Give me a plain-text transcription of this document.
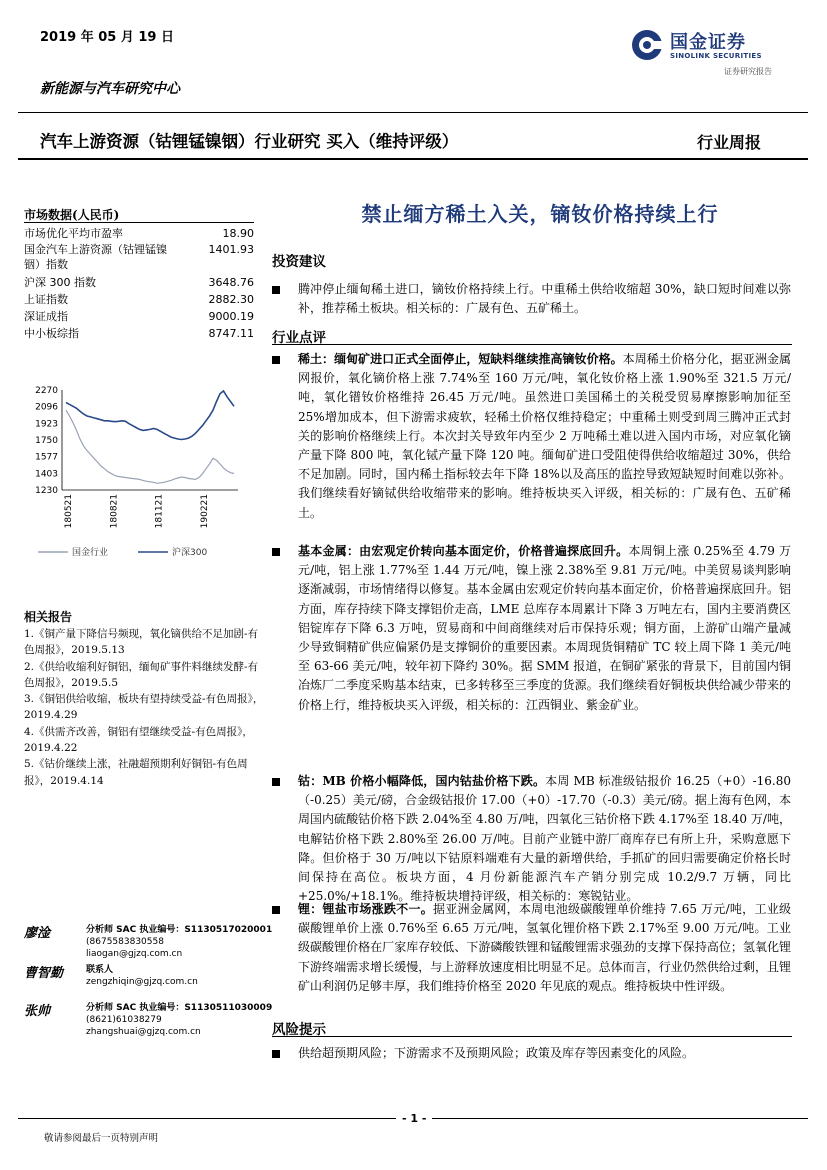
2019 年 05 月 19 日	国金证券
SINOLINK SECURITIES
证券研究报告
新能源与汽车研究中心
汽车上游资源（钴锂锰镍铟）行业研究 买入（维持评级）	行业周报
市场数据(人民币)
市场优化平均市盈率	18.90
国金汽车上游资源（钴锂锰镍铟）指数
1401.93
沪深 300 指数	3648.76
上证指数	2882.30
深证成指	9000.19
中小板综指	8747.11
2270
2096
1923
1750
1577
1403
1230
180521	180821	181121	190221
国金行业	沪深300
相关报告
1.《铜产量下降信号频现，氧化镝供给不足加剧-有色周报》，2019.5.13
2.《供给收缩利好铜铝，缅甸矿事件料继续发酵-有色周报》，2019.5.5
3.《铜铝供给收缩，板块有望持续受益-有色周报》，2019.4.29
4.《供需齐改善，铜铝有望继续受益-有色周报》，2019.4.22
5.《钴价继续上涨，社融超预期利好铜铝-有色周报》，2019.4.14
廖淦	分析师 SAC 执业编号：S1130517020001
(8675583830558
liaogan@gjzq.com.cn
曹智勤	联系人
zengzhiqin@gjzq.com.cn
张帅	分析师 SAC 执业编号：S1130511030009
(8621)61038279
zhangshuai@gjzq.com.cn
禁止缅方稀土入关，镝钕价格持续上行
投资建议
腾冲停止缅甸稀土进口，镝钕价格持续上行。中重稀土供给收缩超 30%，缺口短时间难以弥补，推荐稀土板块。相关标的：广晟有色、五矿稀土。
行业点评
稀土：缅甸矿进口正式全面停止，短缺料继续推高镝钕价格。本周稀土价格分化，据亚洲金属网报价，氧化镝价格上涨 7.74%至 160 万元/吨，氧化钕价格上涨 1.90%至 321.5 万元/吨，氧化镨钕价格维持 26.45 万元/吨。虽然进口美国稀土的关税受贸易摩擦影响加征至 25%增加成本，但下游需求疲软，轻稀土价格仅维持稳定；中重稀土则受到周三腾冲正式封关的影响价格继续上行。本次封关导致年内至少 2 万吨稀土难以进入国内市场，对应氧化镝产量下降 800 吨，氧化铽产量下降 120 吨。缅甸矿进口受阻使得供给收缩超过 30%，供给不足加剧。同时，国内稀土指标较去年下降 18%以及高压的监控导致短缺短时间难以弥补。我们继续看好镝铽供给收缩带来的影响。维持板块买入评级，相关标的：广晟有色、五矿稀土。
基本金属：由宏观定价转向基本面定价，价格普遍探底回升。本周铜上涨 0.25%至 4.79 万元/吨，铝上涨 1.77%至 1.44 万元/吨，镍上涨 2.38%至 9.81 万元/吨。中美贸易谈判影响逐渐减弱，市场情绪得以修复。基本金属由宏观定价转向基本面定价，价格普遍探底回升。铝方面，库存持续下降支撑铝价走高，LME 总库存本周累计下降 3 万吨左右，国内主要消费区铝锭库存下降 6.3 万吨，贸易商和中间商继续对后市保持乐观；铜方面，上游矿山端产量减少导致铜精矿供应偏紧仍是支撑铜价的重要因素。本周现货铜精矿 TC 较上周下降 1 美元/吨至 63-66 美元/吨，较年初下降约 30%。据 SMM 报道，在铜矿紧张的背景下，目前国内铜冶炼厂二季度采购基本结束，已多转移至三季度的货源。我们继续看好铜板块供给减少带来的价格上行，维持板块买入评级，相关标的：江西铜业、紫金矿业。
钴：MB 价格小幅降低，国内钴盐价格下跌。本周 MB 标准级钴报价 16.25（+0）-16.80（-0.25）美元/磅，合金级钴报价 17.00（+0）-17.70（-0.3）美元/磅。据上海有色网，本周国内硫酸钴价格下跌 2.04%至 4.80 万/吨，四氧化三钴价格下跌 4.17%至 18.40 万/吨，电解钴价格下跌 2.80%至 26.00 万/吨。目前产业链中游厂商库存已有所上升，采购意愿下降。但价格于 30 万/吨以下钴原料端难有大量的新增供给，手抓矿的回归需要确定价格长时间保持在高位。板块方面，4 月份新能源汽车产销分别完成 10.2/9.7 万辆，同比+25.0%/+18.1%。维持板块增持评级，相关标的：寒锐钴业。
锂：锂盐市场涨跌不一。据亚洲金属网，本周电池级碳酸锂单价维持 7.65 万元/吨，工业级碳酸锂单价上涨 0.76%至 6.65 万元/吨，氢氧化锂价格下跌 2.17%至 9.00 万元/吨。工业级碳酸锂价格在厂家库存较低、下游磷酸铁锂和锰酸锂需求强劲的支撑下保持高位；氢氧化锂下游终端需求增长缓慢，与上游释放速度相比明显不足。总体而言，行业仍然供给过剩，且锂矿山利润仍足够丰厚，我们维持价格至 2020 年见底的观点。维持板块中性评级。
风险提示
供给超预期风险；下游需求不及预期风险；政策及库存等因素变化的风险。
- 1 -
敬请参阅最后一页特别声明
